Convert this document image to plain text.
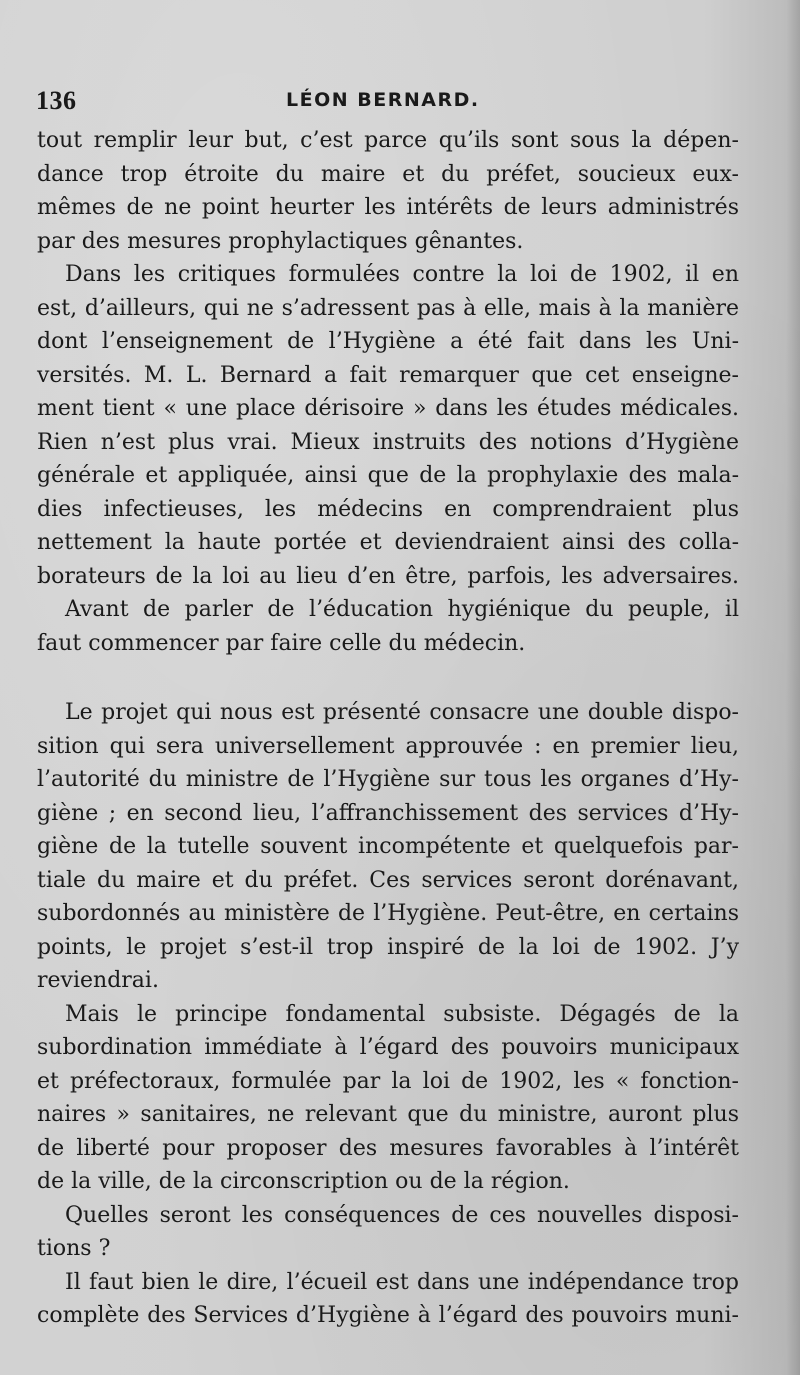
136	LÉON BERNARD.
tout remplir leur but, c’est parce qu’ils sont sous la dépen-
dance trop étroite du maire et du préfet, soucieux eux-
mêmes de ne point heurter les intérêts de leurs administrés
par des mesures prophylactiques gênantes.
Dans les critiques formulées contre la loi de 1902, il en
est, d’ailleurs, qui ne s’adressent pas à elle, mais à la manière
dont l’enseignement de l’Hygiène a été fait dans les Uni-
versités. M. L. Bernard a fait remarquer que cet enseigne-
ment tient « une place dérisoire » dans les études médicales.
Rien n’est plus vrai. Mieux instruits des notions d’Hygiène
générale et appliquée, ainsi que de la prophylaxie des mala-
dies infectieuses, les médecins en comprendraient plus
nettement la haute portée et deviendraient ainsi des colla-
borateurs de la loi au lieu d’en être, parfois, les adversaires.
Avant de parler de l’éducation hygiénique du peuple, il
faut commencer par faire celle du médecin.
Le projet qui nous est présenté consacre une double dispo-
sition qui sera universellement approuvée : en premier lieu,
l’autorité du ministre de l’Hygiène sur tous les organes d’Hy-
giène ; en second lieu, l’affranchissement des services d’Hy-
giène de la tutelle souvent incompétente et quelquefois par-
tiale du maire et du préfet. Ces services seront dorénavant,
subordonnés au ministère de l’Hygiène. Peut-être, en certains
points, le projet s’est-il trop inspiré de la loi de 1902. J’y
reviendrai.
Mais le principe fondamental subsiste. Dégagés de la
subordination immédiate à l’égard des pouvoirs municipaux
et préfectoraux, formulée par la loi de 1902, les « fonction-
naires » sanitaires, ne relevant que du ministre, auront plus
de liberté pour proposer des mesures favorables à l’intérêt
de la ville, de la circonscription ou de la région.
Quelles seront les conséquences de ces nouvelles disposi-
tions ?
Il faut bien le dire, l’écueil est dans une indépendance trop
complète des Services d’Hygiène à l’égard des pouvoirs muni-
